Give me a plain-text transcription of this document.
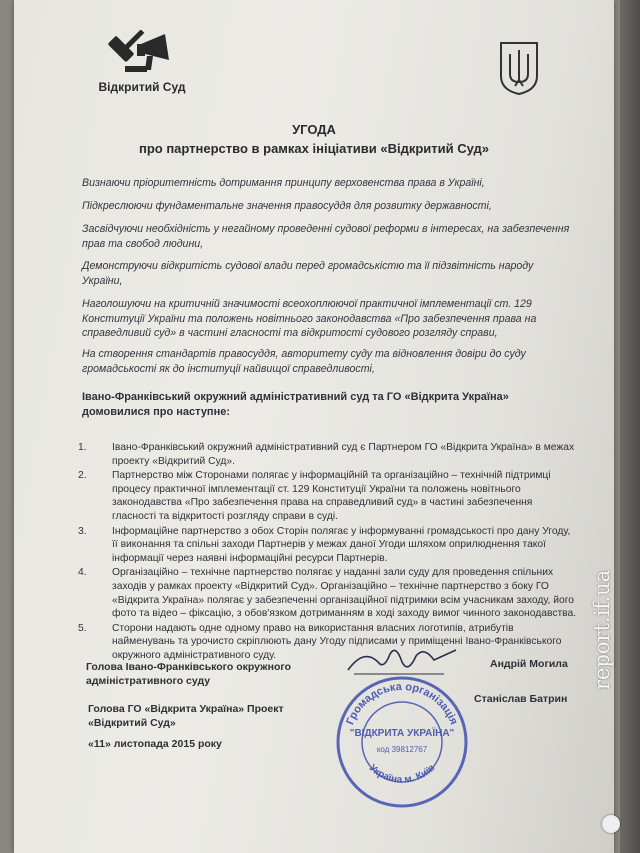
Відкритий Суд
УГОДА
про партнерство в рамках ініціативи «Відкритий Суд»
Визнаючи пріоритетність дотримання принципу верховенства права в Україні,
Підкреслюючи фундаментальне значення правосуддя для розвитку державності,
Засвідчуючи необхідність у негайному проведенні судової реформи в інтересах, на забезпечення прав та свобод людини,
Демонструючи відкритість судової влади перед громадськістю та її підзвітність народу України,
Наголошуючи на критичній значимості всеохоплюючої практичної імплементації ст. 129 Конституції України та положень новітнього законодавства «Про забезпечення права на справедливий суд» в частині гласності та відкритості судового розгляду справи,
На створення стандартів правосуддя, авторитету суду та відновлення довіри до суду громадськості як до інституції найвищої справедливості,
Івано-Франківський окружний адміністративний суд та ГО «Відкрита Україна» домовилися про наступне:
1. Івано-Франківський окружний адміністративний суд є Партнером ГО «Відкрита Україна» в межах проекту «Відкритий Суд».
2. Партнерство між Сторонами полягає у інформаційній та організаційно – технічній підтримці процесу практичної імплементації ст. 129 Конституції України та положень новітнього законодавства «Про забезпечення права на справедливий суд» в частині забезпечення гласності та відкритості розгляду справи в суді.
3. Інформаційне партнерство з обох Сторін полягає у інформуванні громадськості про дану Угоду, її виконання та спільні заходи Партнерів у межах даної Угоди шляхом оприлюднення такої інформації через наявні інформаційні ресурси Партнерів.
4. Організаційно – технічне партнерство полягає у наданні зали суду для проведення спільних заходів у рамках проекту «Відкритий Суд». Організаційно – технічне партнерство з боку ГО «Відкрита Україна» полягає у забезпеченні організаційної підтримки всім учасникам заходу, його фото та відео – фіксацію, з обов'язком дотриманням в ході заходу вимог чинного законодавства.
5. Сторони надають одне одному право на використання власних логотипів, атрибутів найменувань та урочисто скріплюють дану Угоду підписами у приміщенні Івано-Франківського окружного адміністративного суду.
Голова Івано-Франківського окружного адміністративного суду
Андрій Могила
Голова ГО «Відкрита Україна» Проект «Відкритий Суд»
Станіслав Батрин
«11» листопада 2015 року
Громадська організація
"ВІДКРИТА УКРАЇНА"
код 39812767
Україна м. Київ
report.if.ua
